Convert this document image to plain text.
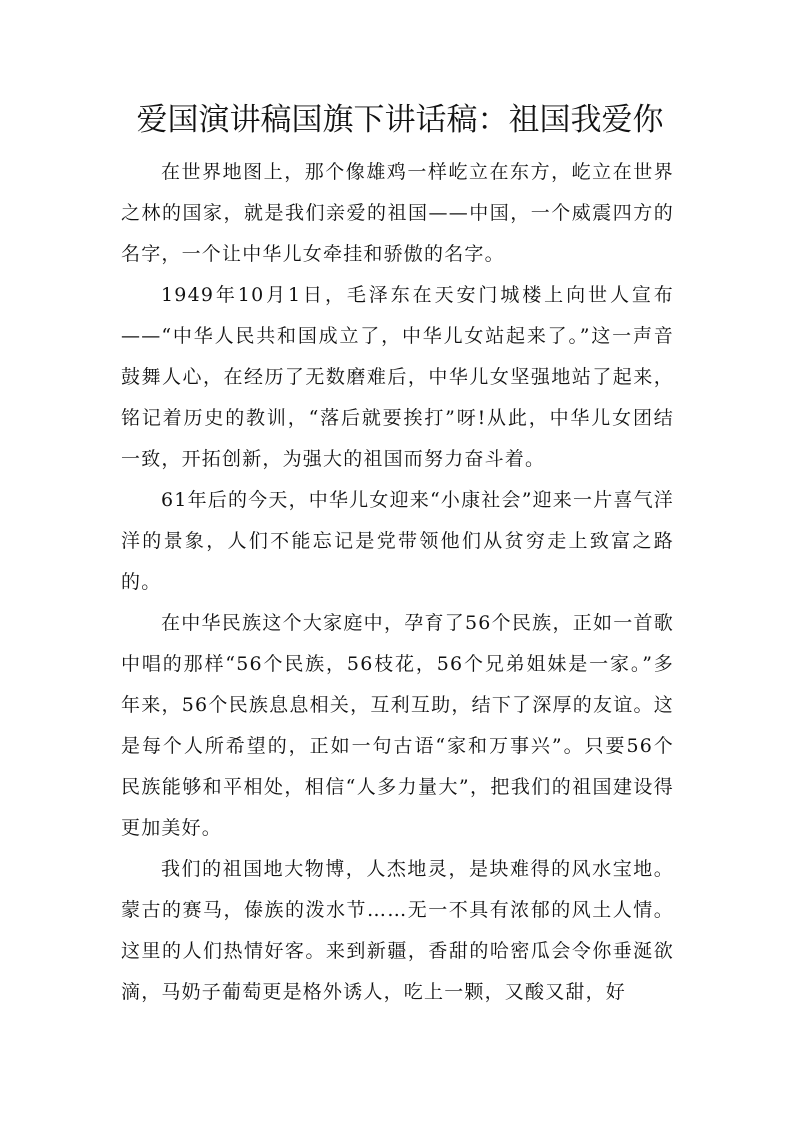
爱国演讲稿国旗下讲话稿：祖国我爱你

在世界地图上，那个像雄鸡一样屹立在东方，屹立在世界之林的国家，就是我们亲爱的祖国——中国，一个威震四方的名字，一个让中华儿女牵挂和骄傲的名字。

1949年10月1日，毛泽东在天安门城楼上向世人宣布——“中华人民共和国成立了，中华儿女站起来了。”这一声音鼓舞人心，在经历了无数磨难后，中华儿女坚强地站了起来，铭记着历史的教训，“落后就要挨打”呀!从此，中华儿女团结一致，开拓创新，为强大的祖国而努力奋斗着。

61年后的今天，中华儿女迎来“小康社会”迎来一片喜气洋洋的景象，人们不能忘记是党带领他们从贫穷走上致富之路的。

在中华民族这个大家庭中，孕育了56个民族，正如一首歌中唱的那样“56个民族，56枝花，56个兄弟姐妹是一家。”多年来，56个民族息息相关，互利互助，结下了深厚的友谊。这是每个人所希望的，正如一句古语“家和万事兴”。只要56个民族能够和平相处，相信“人多力量大”，把我们的祖国建设得更加美好。

我们的祖国地大物博，人杰地灵，是块难得的风水宝地。蒙古的赛马，傣族的泼水节……无一不具有浓郁的风土人情。这里的人们热情好客。来到新疆，香甜的哈密瓜会令你垂涎欲滴，马奶子葡萄更是格外诱人，吃上一颗，又酸又甜，好
